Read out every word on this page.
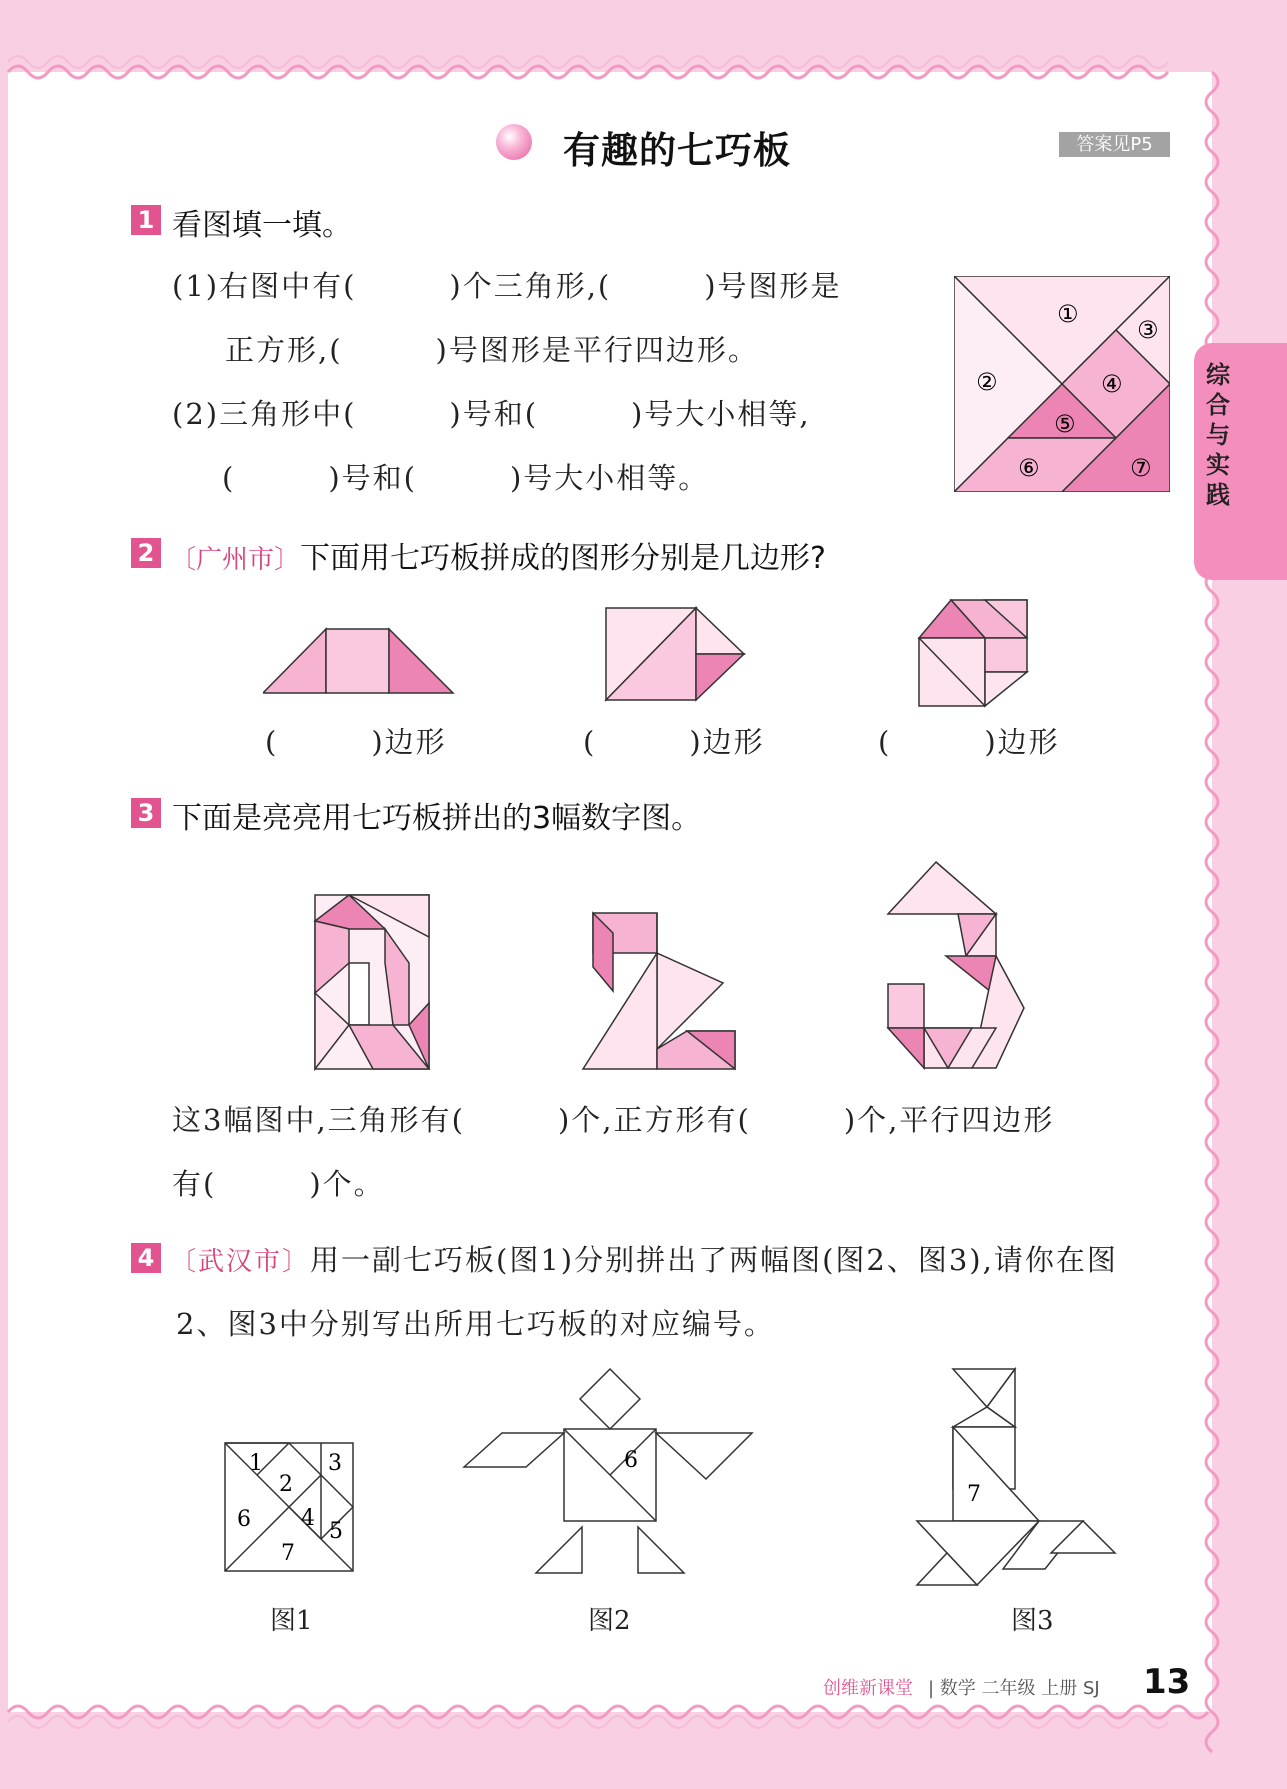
综合与实践
有趣的七巧板	答案见P5
1 看图填一填。
(1)右图中有(　　　)个三角形,(　　　)号图形是
正方形,(　　　)号图形是平行四边形。
(2)三角形中(　　　)号和(　　　)号大小相等,
(　　　)号和(　　　)号大小相等。
①
②
③
④
⑤
⑥	⑦
2 〔广州市〕下面用七巧板拼成的图形分别是几边形?
(　　　)边形	(　　　)边形	(　　　)边形
3 下面是亮亮用七巧板拼出的3幅数字图。
这3幅图中,三角形有(　　　)个,正方形有(　　　)个,平行四边形
有(　　　)个。
4 〔武汉市〕用一副七巧板(图1)分别拼出了两幅图(图2、图3),请你在图
2、图3中分别写出所用七巧板的对应编号。
1
2
3
4
5
6
7
6
7
图1	图2	图3
创维新课堂 | 数学 二年级 上册 SJ 13
